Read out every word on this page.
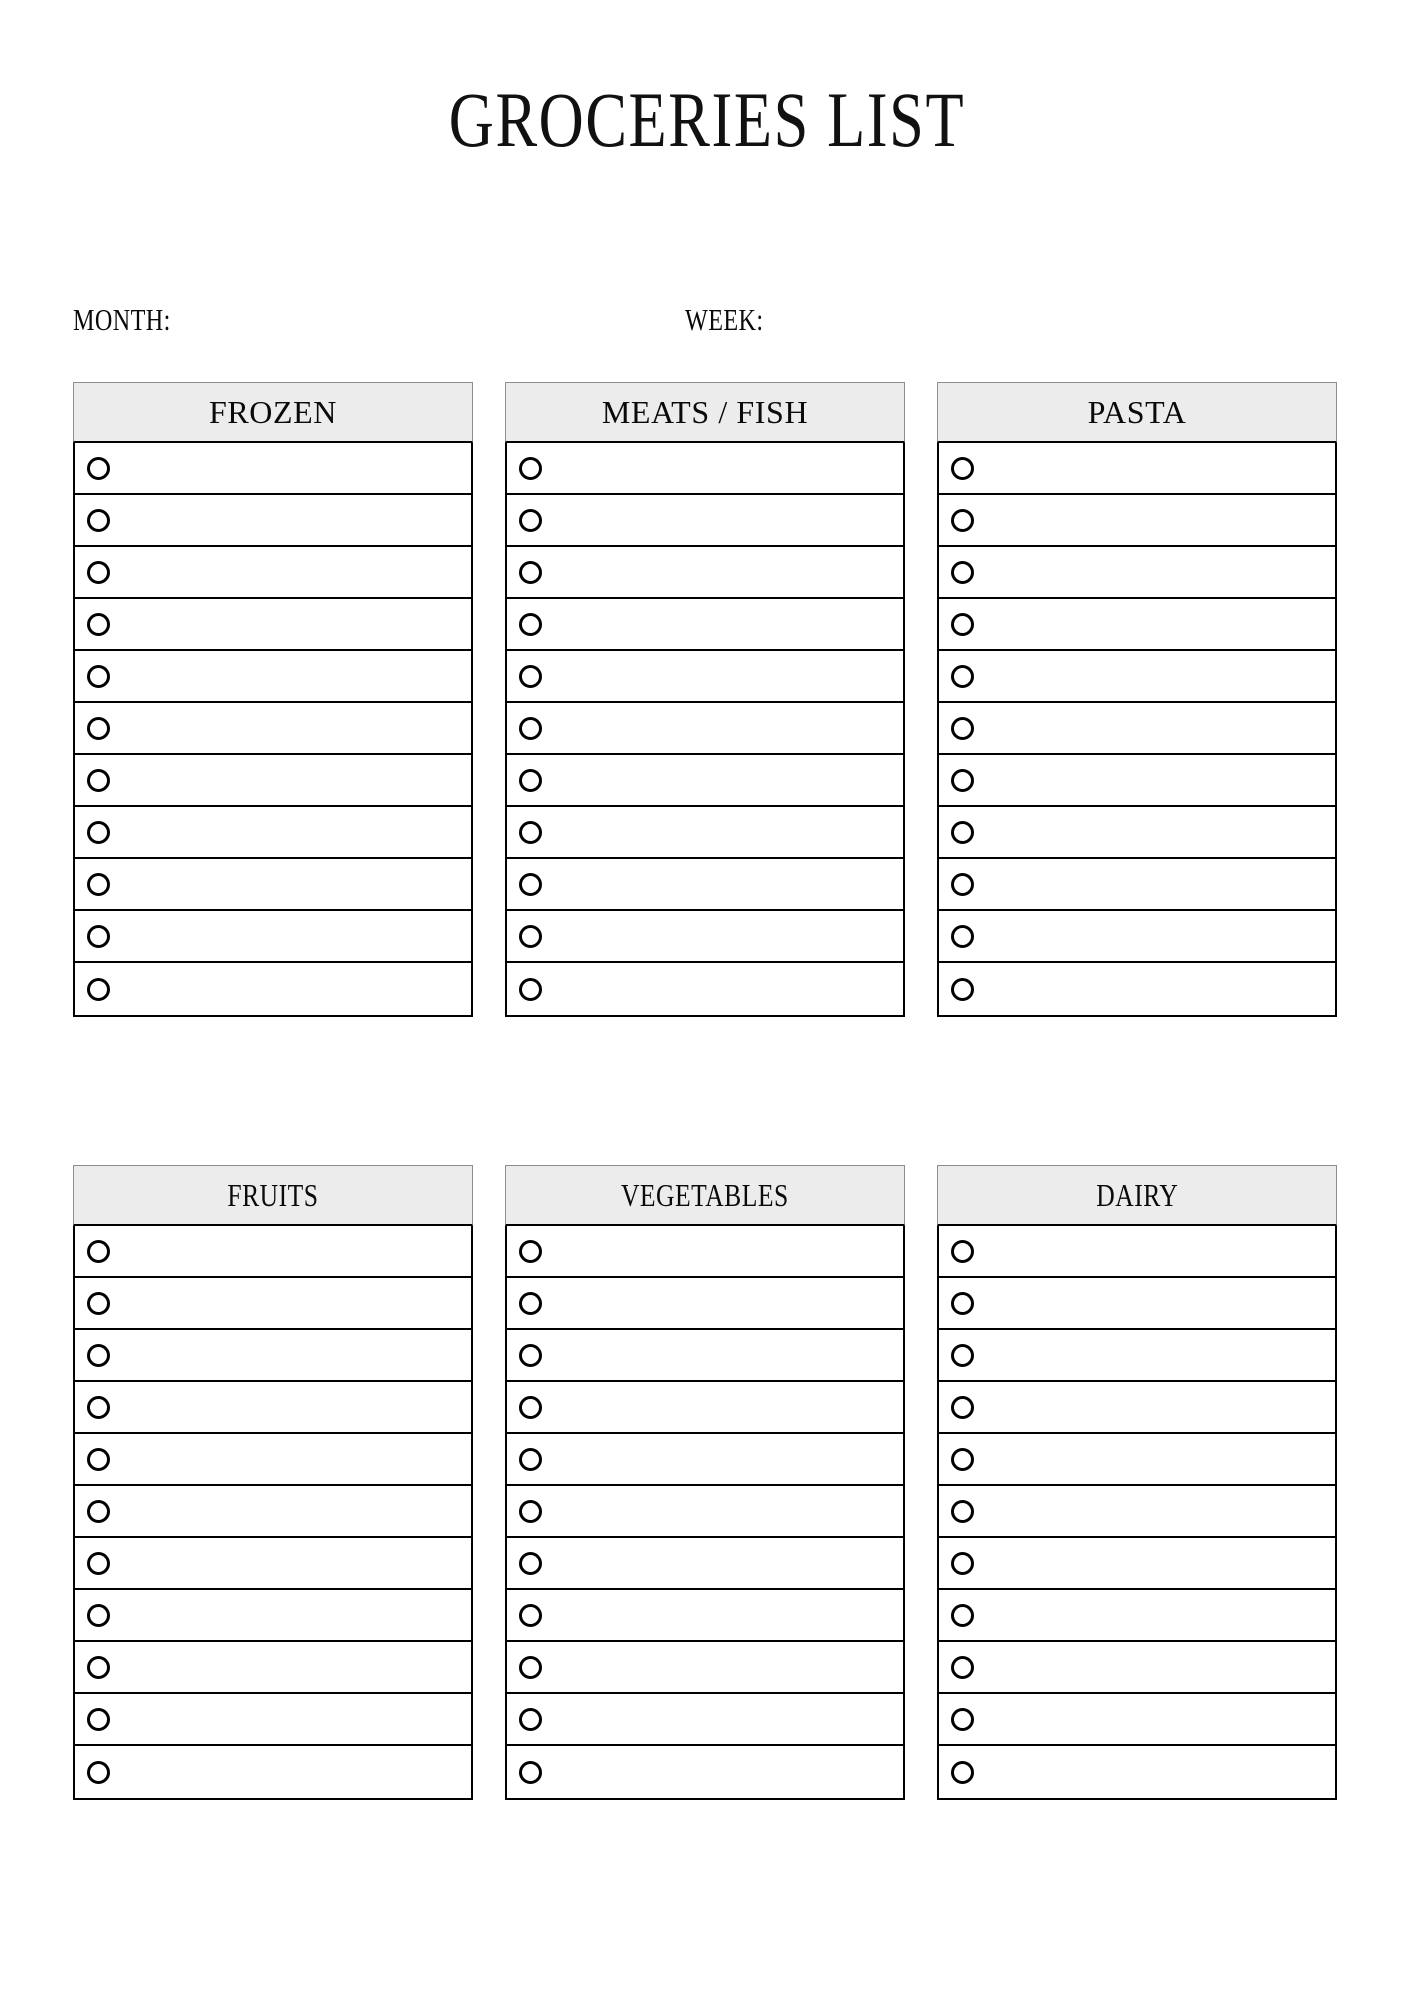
GROCERIES LIST
MONTH:	WEEK:
FROZEN	MEATS / FISH	PASTA
FRUITS	VEGETABLES	DAIRY
